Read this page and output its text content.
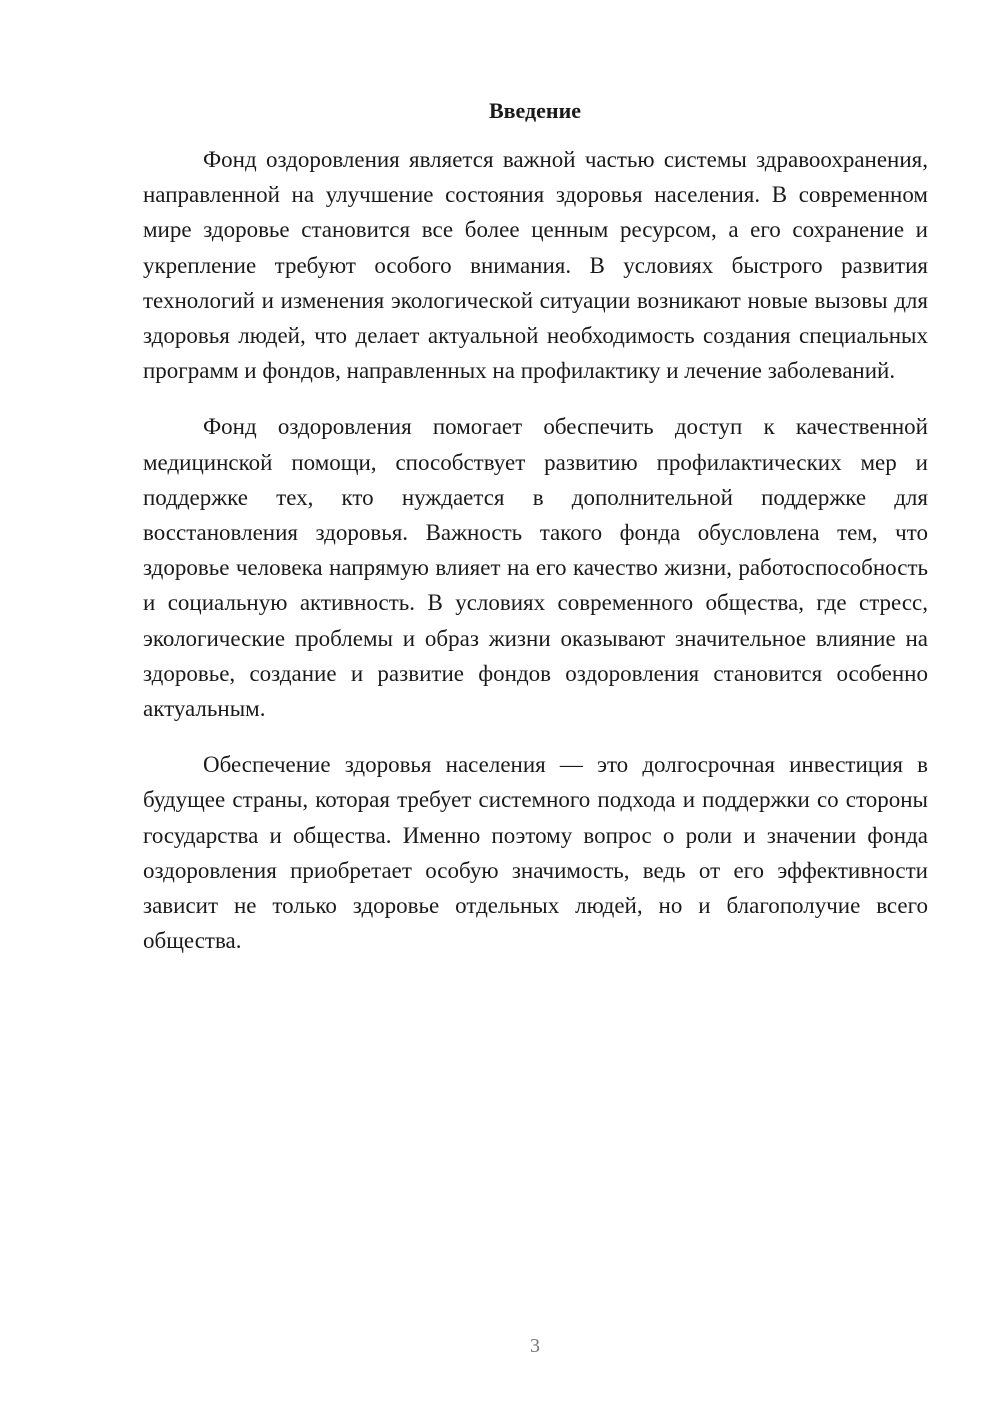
Введение

Фонд оздоровления является важной частью системы здравоохранения, направленной на улучшение состояния здоровья населения. В современном мире здоровье становится все более ценным ресурсом, а его сохранение и укрепление требуют особого внимания. В условиях быстрого развития технологий и изменения экологической ситуации возникают новые вызовы для здоровья людей, что делает актуальной необходимость создания специальных программ и фондов, направленных на профилактику и лечение заболеваний.

Фонд оздоровления помогает обеспечить доступ к качественной медицинской помощи, способствует развитию профилактических мер и поддержке тех, кто нуждается в дополнительной поддержке для восстановления здоровья. Важность такого фонда обусловлена тем, что здоровье человека напрямую влияет на его качество жизни, работоспособность и социальную активность. В условиях современного общества, где стресс, экологические проблемы и образ жизни оказывают значительное влияние на здоровье, создание и развитие фондов оздоровления становится особенно актуальным.

Обеспечение здоровья населения — это долгосрочная инвестиция в будущее страны, которая требует системного подхода и поддержки со стороны государства и общества. Именно поэтому вопрос о роли и значении фонда оздоровления приобретает особую значимость, ведь от его эффективности зависит не только здоровье отдельных людей, но и благополучие всего общества.

3
